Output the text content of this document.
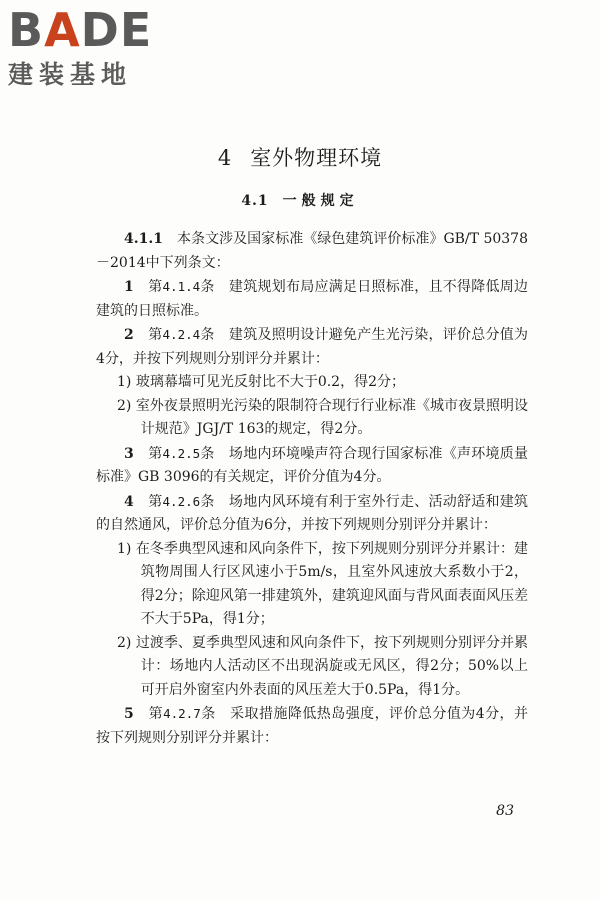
BADE
建装基地
4 室外物理环境
4.1 一般规定

4.1.1　 本条文涉及国家标准《绿色建筑评价标准》GB/T 50378－2014中下列条文：

1　 第4.1.4条　建筑规划布局应满足日照标准，且不得降低周边建筑的日照标准。

2　 第4.2.4条　建筑及照明设计避免产生光污染，评价总分值为4分，并按下列规则分别评分并累计：

1) 玻璃幕墙可见光反射比不大于0.2，得2分；

2) 室外夜景照明光污染的限制符合现行行业标准《城市夜景照明设计规范》JGJ/T 163的规定，得2分。

3　 第4.2.5条　场地内环境噪声符合现行国家标准《声环境质量标准》GB 3096的有关规定，评价分值为4分。

4　 第4.2.6条　场地内风环境有利于室外行走、活动舒适和建筑的自然通风，评价总分值为6分，并按下列规则分别评分并累计：

1) 在冬季典型风速和风向条件下，按下列规则分别评分并累计：建筑物周围人行区风速小于5m/s，且室外风速放大系数小于2，得2分；除迎风第一排建筑外，建筑迎风面与背风面表面风压差不大于5Pa，得1分；

2) 过渡季、夏季典型风速和风向条件下，按下列规则分别评分并累计：场地内人活动区不出现涡旋或无风区，得2分；50%以上可开启外窗室内外表面的风压差大于0.5Pa，得1分。

5　 第4.2.7条　采取措施降低热岛强度，评价总分值为4分，并按下列规则分别评分并累计：

83
